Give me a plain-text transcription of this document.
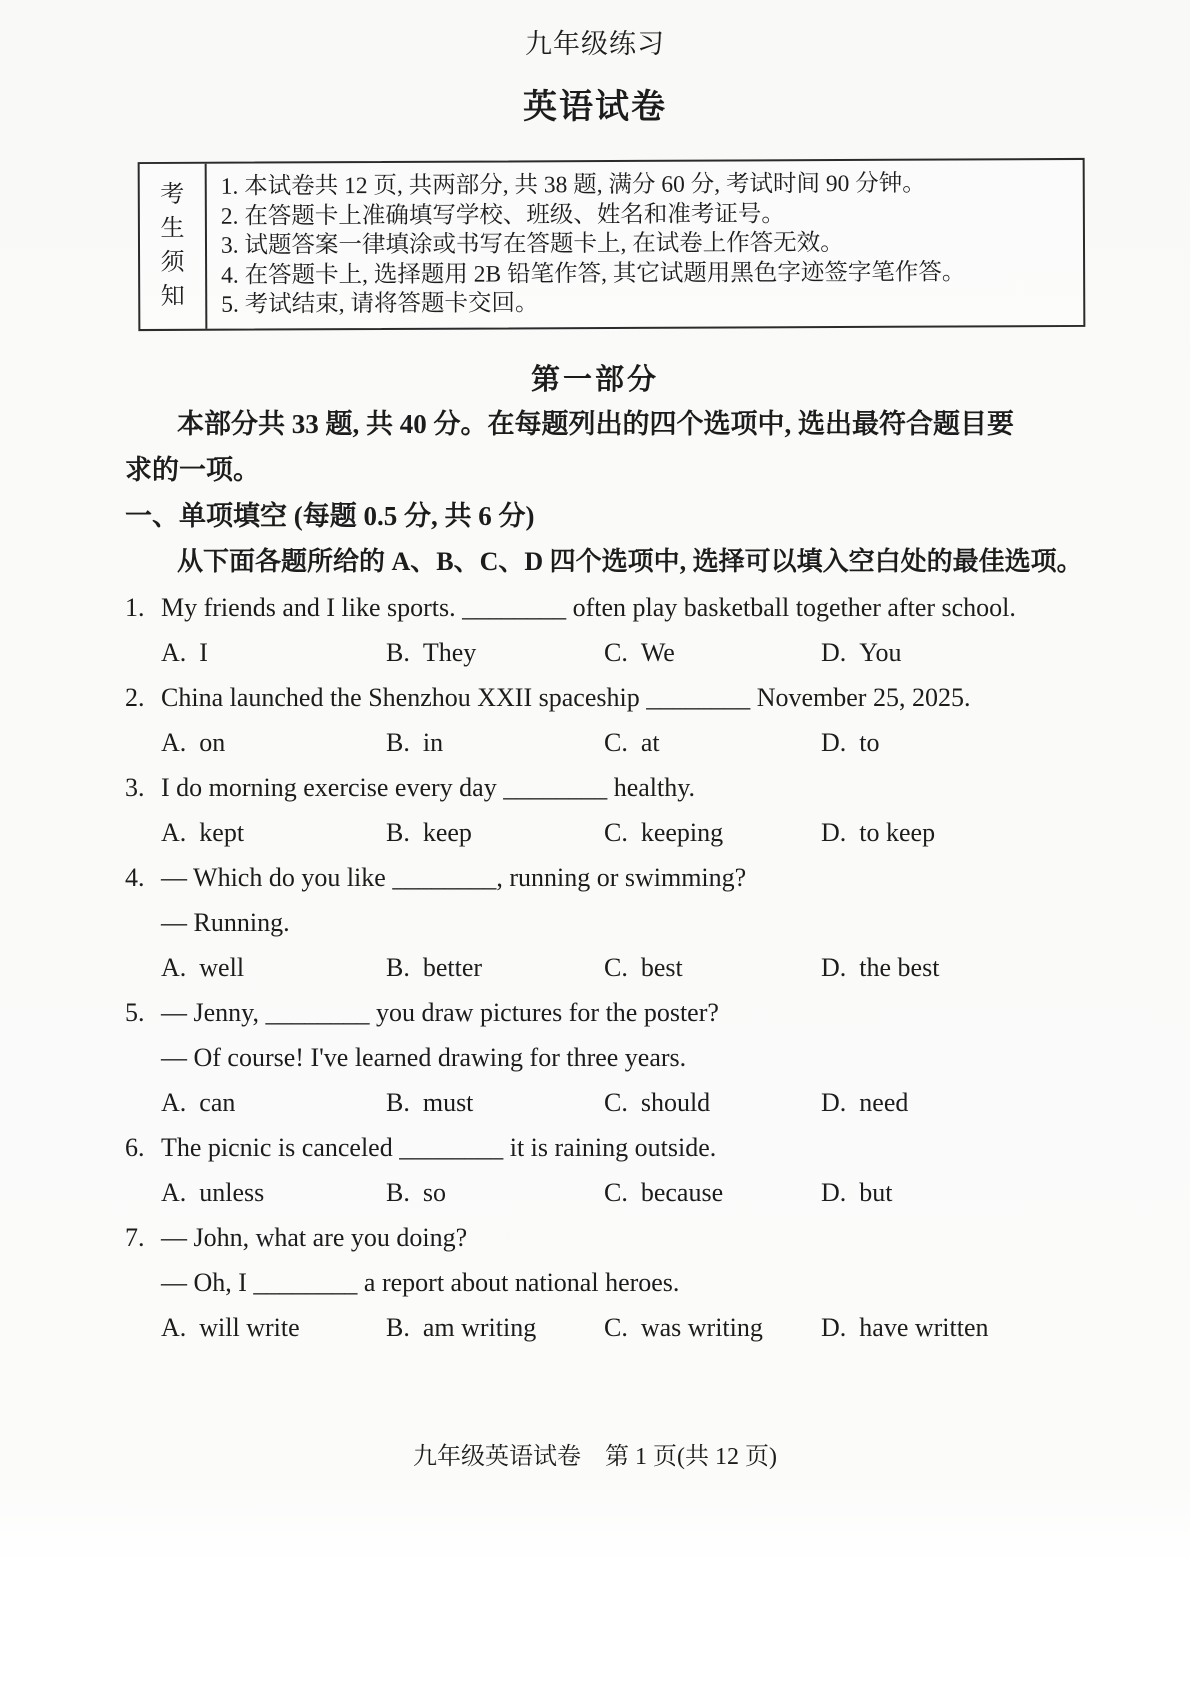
九年级练习
英语试卷
考
生
须
知
1. 本试卷共 12 页, 共两部分, 共 38 题, 满分 60 分, 考试时间 90 分钟。
2. 在答题卡上准确填写学校、班级、姓名和准考证号。
3. 试题答案一律填涂或书写在答题卡上, 在试卷上作答无效。
4. 在答题卡上, 选择题用 2B 铅笔作答, 其它试题用黑色字迹签字笔作答。
5. 考试结束, 请将答题卡交回。
第一部分
本部分共 33 题, 共 40 分。在每题列出的四个选项中, 选出最符合题目要
求的一项。
一、单项填空 (每题 0.5 分, 共 6 分)
从下面各题所给的 A、B、C、D 四个选项中, 选择可以填入空白处的最佳选项。
1. My friends and I like sports. ________ often play basketball together after school.
A. I	B. They	C. We	D. You
2. China launched the Shenzhou XXII spaceship ________ November 25, 2025.
A. on	B. in	C. at	D. to
3. I do morning exercise every day ________ healthy.
A. kept	B. keep	C. keeping	D. to keep
4. — Which do you like ________, running or swimming?
— Running.
A. well	B. better	C. best	D. the best
5. — Jenny, ________ you draw pictures for the poster?
— Of course! I've learned drawing for three years.
A. can	B. must	C. should	D. need
6. The picnic is canceled ________ it is raining outside.
A. unless	B. so	C. because	D. but
7. — John, what are you doing?
— Oh, I ________ a report about national heroes.
A. will write	B. am writing	C. was writing D. have written
九年级英语试卷　第 1 页(共 12 页)
